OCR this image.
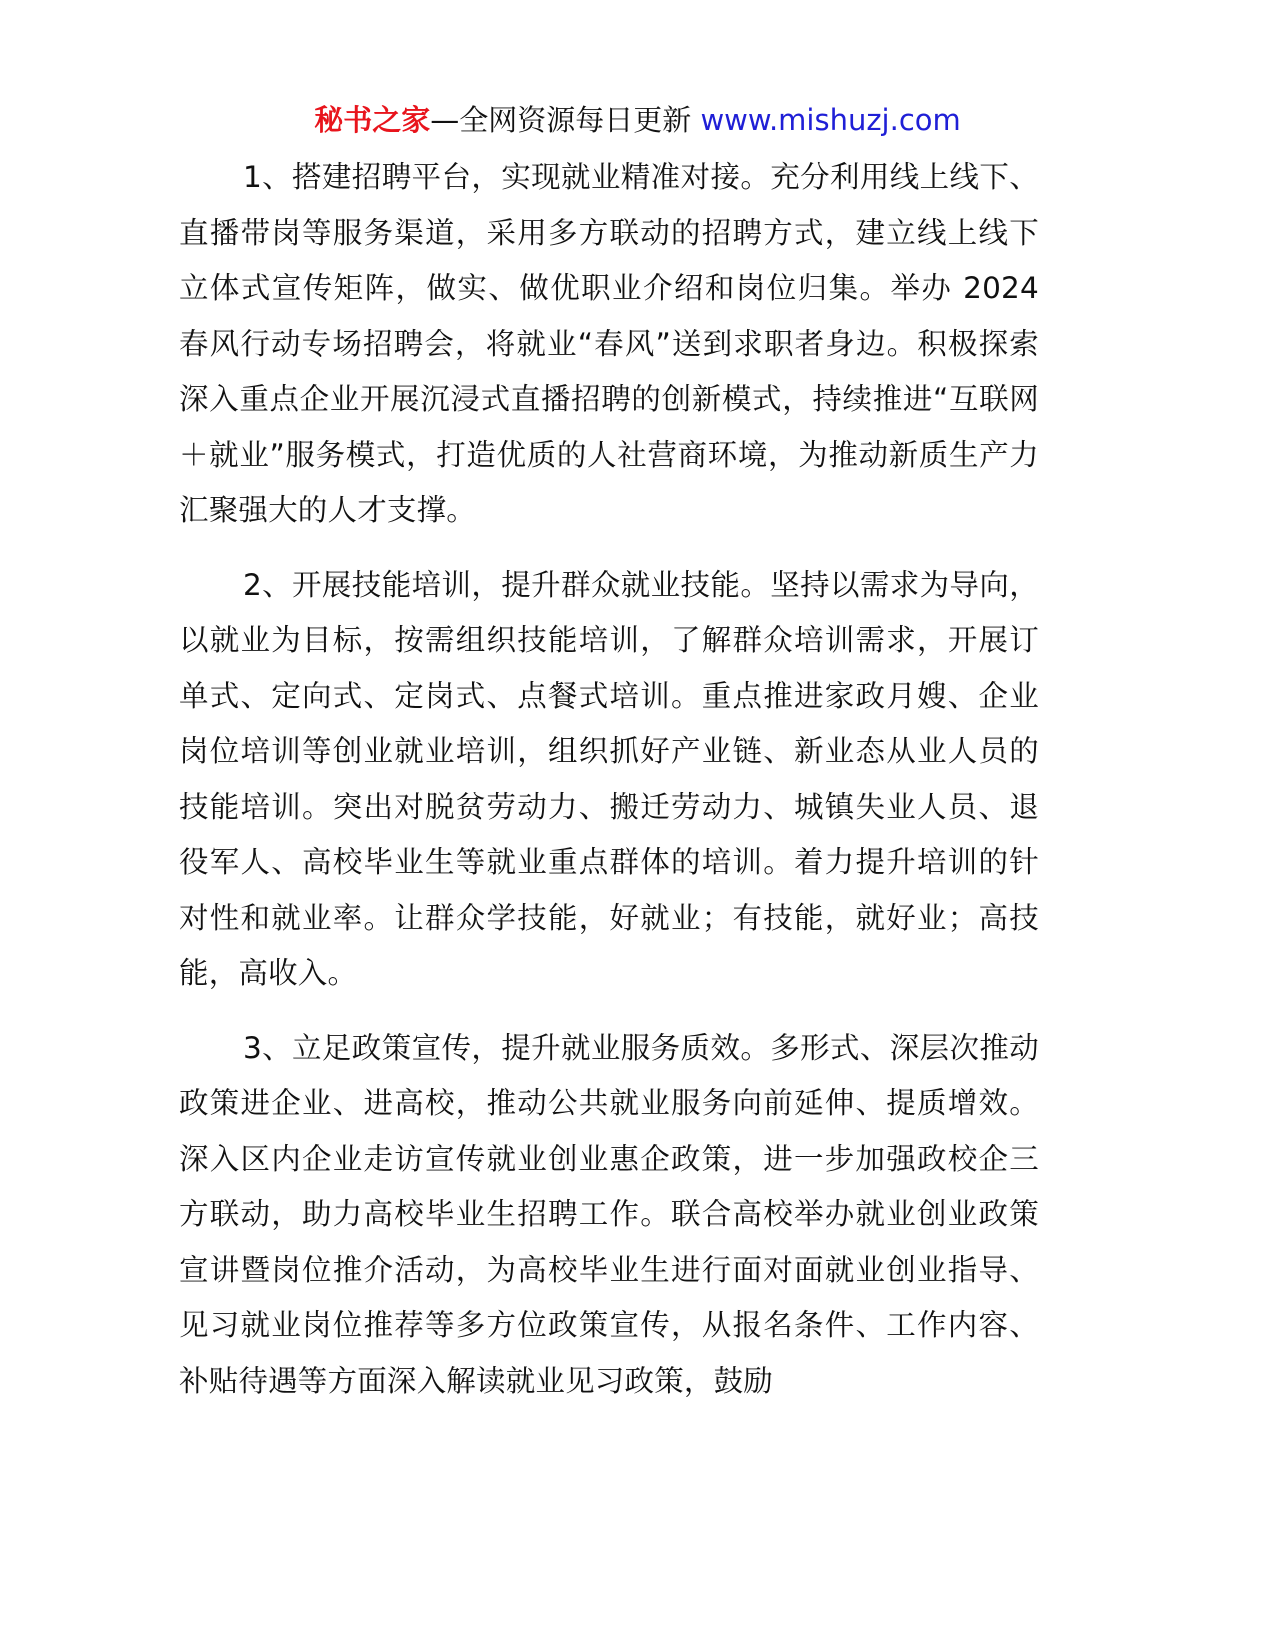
秘书之家—全网资源每日更新 www.mishuzj.com

1、搭建招聘平台，实现就业精准对接。充分利用线上线下、直播带岗等服务渠道，采用多方联动的招聘方式，建立线上线下立体式宣传矩阵，做实、做优职业介绍和岗位归集。举办 2024 春风行动专场招聘会，将就业“春风”送到求职者身边。积极探索深入重点企业开展沉浸式直播招聘的创新模式，持续推进“互联网＋就业”服务模式，打造优质的人社营商环境，为推动新质生产力汇聚强大的人才支撑。

2、开展技能培训，提升群众就业技能。坚持以需求为导向，以就业为目标，按需组织技能培训，了解群众培训需求，开展订单式、定向式、定岗式、点餐式培训。重点推进家政月嫂、企业岗位培训等创业就业培训，组织抓好产业链、新业态从业人员的技能培训。突出对脱贫劳动力、搬迁劳动力、城镇失业人员、退役军人、高校毕业生等就业重点群体的培训。着力提升培训的针对性和就业率。让群众学技能，好就业；有技能，就好业；高技能，高收入。

3、立足政策宣传，提升就业服务质效。多形式、深层次推动政策进企业、进高校，推动公共就业服务向前延伸、提质增效。深入区内企业走访宣传就业创业惠企政策，进一步加强政校企三方联动，助力高校毕业生招聘工作。联合高校举办就业创业政策宣讲暨岗位推介活动，为高校毕业生进行面对面就业创业指导、见习就业岗位推荐等多方位政策宣传，从报名条件、工作内容、补贴待遇等方面深入解读就业见习政策，鼓励
